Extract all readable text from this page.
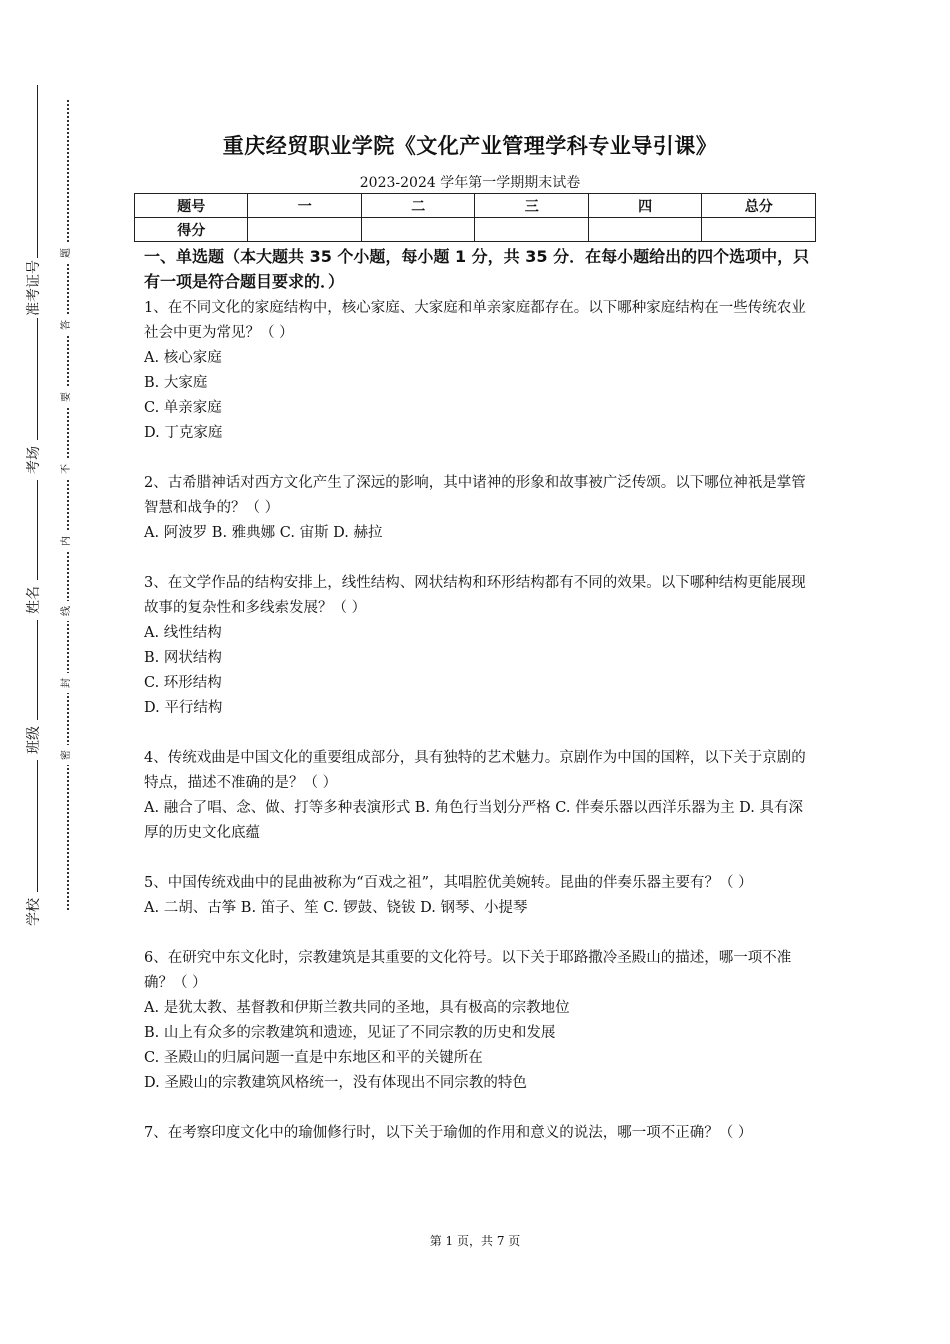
准考证号
考场
姓名
班级
学校
题
答
要
不
内
线
封
密
重庆经贸职业学院《文化产业管理学科专业导引课》
2023-2024 学年第一学期期末试卷
题号	一	二	三	四	总分
得分					

一、单选题（本大题共 35 个小题，每小题 1 分，共 35 分．在每小题给出的四个选项中，只有一项是符合题目要求的．）

1、在不同文化的家庭结构中，核心家庭、大家庭和单亲家庭都存在。以下哪种家庭结构在一些传统农业社会中更为常见？（ ）

A. 核心家庭

B. 大家庭

C. 单亲家庭

D. 丁克家庭

2、古希腊神话对西方文化产生了深远的影响，其中诸神的形象和故事被广泛传颂。以下哪位神祇是掌管智慧和战争的？（ ）

A. 阿波罗 B. 雅典娜 C. 宙斯 D. 赫拉

3、在文学作品的结构安排上，线性结构、网状结构和环形结构都有不同的效果。以下哪种结构更能展现故事的复杂性和多线索发展？（ ）

A. 线性结构

B. 网状结构

C. 环形结构

D. 平行结构

4、传统戏曲是中国文化的重要组成部分，具有独特的艺术魅力。京剧作为中国的国粹，以下关于京剧的特点，描述不准确的是？（ ）

A. 融合了唱、念、做、打等多种表演形式 B. 角色行当划分严格 C. 伴奏乐器以西洋乐器为主 D. 具有深厚的历史文化底蕴

5、中国传统戏曲中的昆曲被称为“百戏之祖”，其唱腔优美婉转。昆曲的伴奏乐器主要有？（ ）

A. 二胡、古筝 B. 笛子、笙 C. 锣鼓、铙钹 D. 钢琴、小提琴

6、在研究中东文化时，宗教建筑是其重要的文化符号。以下关于耶路撒冷圣殿山的描述，哪一项不准确？（ ）

A. 是犹太教、基督教和伊斯兰教共同的圣地，具有极高的宗教地位

B. 山上有众多的宗教建筑和遗迹，见证了不同宗教的历史和发展

C. 圣殿山的归属问题一直是中东地区和平的关键所在

D. 圣殿山的宗教建筑风格统一，没有体现出不同宗教的特色

7、在考察印度文化中的瑜伽修行时，以下关于瑜伽的作用和意义的说法，哪一项不正确？（ ）

第 1 页，共 7 页
